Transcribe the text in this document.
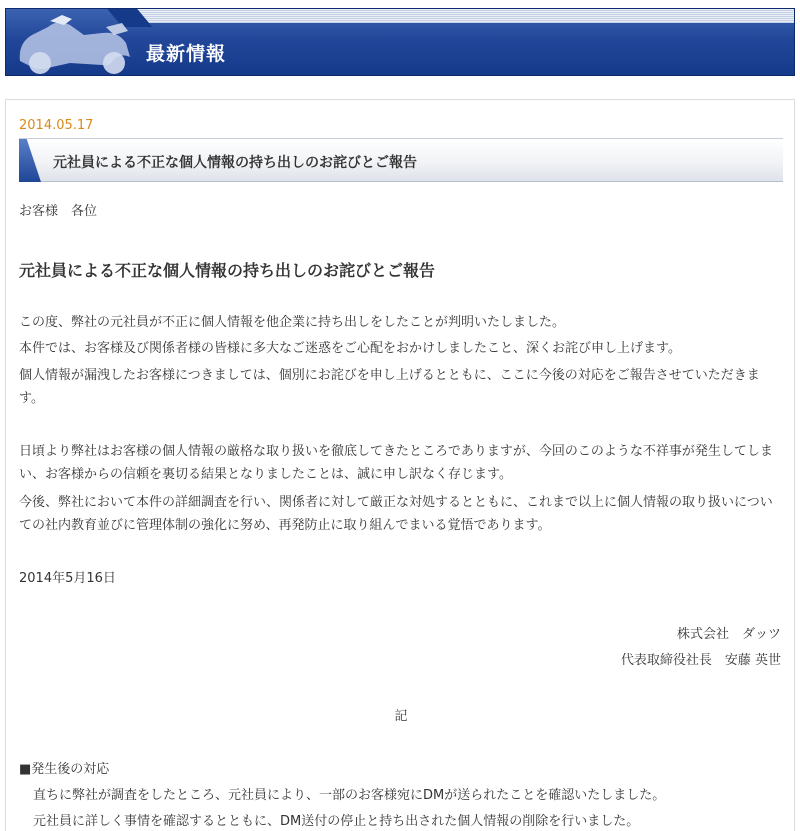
最新情報
2014.05.17
元社員による不正な個人情報の持ち出しのお詫びとご報告
お客様　各位
元社員による不正な個人情報の持ち出しのお詫びとご報告
この度、弊社の元社員が不正に個人情報を他企業に持ち出しをしたことが判明いたしました。
本件では、お客様及び関係者様の皆様に多大なご迷惑をご心配をおかけしましたこと、深くお詫び申し上げます。
個人情報が漏洩したお客様につきましては、個別にお詫びを申し上げるとともに、ここに今後の対応をご報告させていただきます。
日頃より弊社はお客様の個人情報の厳格な取り扱いを徹底してきたところでありますが、今回のこのような不祥事が発生してしまい、お客様からの信頼を裏切る結果となりましたことは、誠に申し訳なく存じます。
今後、弊社において本件の詳細調査を行い、関係者に対して厳正な対処するとともに、これまで以上に個人情報の取り扱いについての社内教育並びに管理体制の強化に努め、再発防止に取り組んでまいる覚悟であります。
2014年5月16日
株式会社　ダッツ
代表取締役社長　安藤 英世
記
■発生後の対応
直ちに弊社が調査をしたところ、元社員により、一部のお客様宛にDMが送られたことを確認いたしました。
元社員に詳しく事情を確認するとともに、DM送付の停止と持ち出された個人情報の削除を行いました。
